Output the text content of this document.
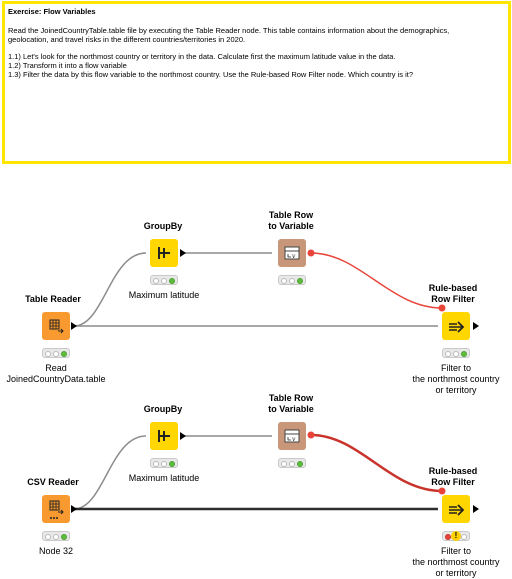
Exercise: Flow Variables
Read the JoinedCountryTable.table file by executing the Table Reader node. This table contains information about the demographics,
geolocation, and travel risks in the different countries/territories in 2020.
1.1) Let's look for the northmost country or territory in the data. Calculate first the maximum latitude value in the data.
1.2) Transform it into a flow variable
1.3) Filter the data by this flow variable to the northmost country. Use the Rule-based Row Filter node. Which country is it?
Table Reader
Read
JoinedCountryData.table
GroupBy
Maximum latitude
Table Row
to Variable
v
Rule-based
Row Filter
Filter to
the northmost country
or territory
CSV Reader
Node 32
GroupBy
Maximum latitude
Table Row
to Variable
v
Rule-based
Row Filter
!
Filter to
the northmost country
or territory
